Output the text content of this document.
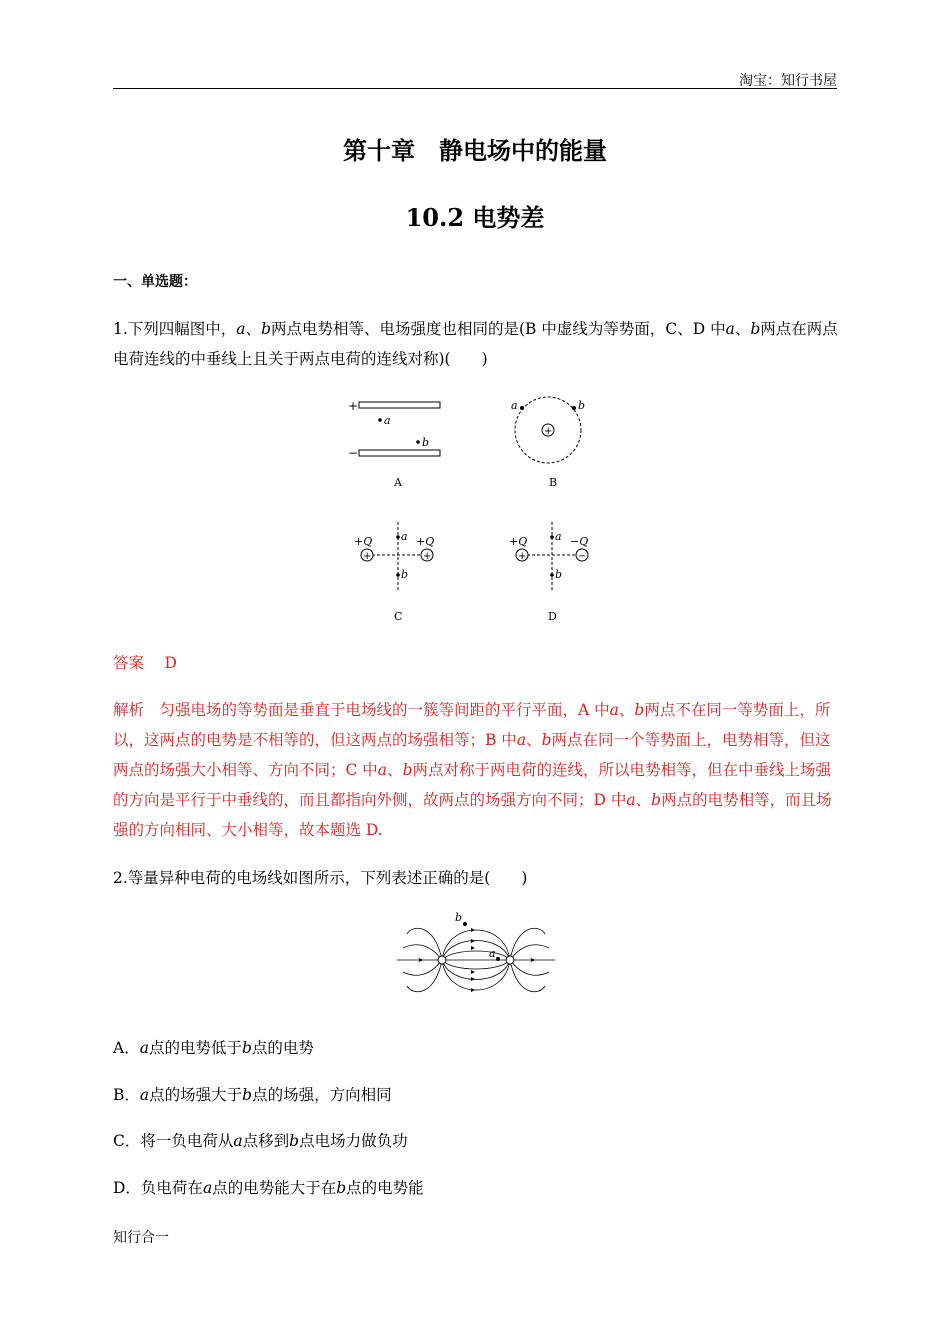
淘宝：知行书屋
第十章　静电场中的能量
10.2 电势差
一、单选题：
1.下列四幅图中，a、b两点电势相等、电场强度也相同的是(B 中虚线为等势面，C、D 中a、b两点在两点电荷连线的中垂线上且关于两点电荷的连线对称)(　　)
+
a
b
−
A
+
a	b
B
+	+
+Q	+Q
a
b
C
+	−
+Q	−Q
a
b
D
答案　 D
解析　 匀强电场的等势面是垂直于电场线的一簇等间距的平行平面，A 中a、b两点不在同一等势面上，所以，这两点的电势是不相等的，但这两点的场强相等；B 中a、b两点在同一个等势面上，电势相等，但这两点的场强大小相等、方向不同；C 中a、b两点对称于两电荷的连线，所以电势相等，但在中垂线上场强的方向是平行于中垂线的，而且都指向外侧，故两点的场强方向不同；D 中a、b两点的电势相等，而且场强的方向相同、大小相等，故本题选 D.
2.等量异种电荷的电场线如图所示，下列表述正确的是(　　)
b
a
A．a点的电势低于b点的电势
B．a点的场强大于b点的场强，方向相同
C．将一负电荷从a点移到b点电场力做负功
D．负电荷在a点的电势能大于在b点的电势能
知行合一
